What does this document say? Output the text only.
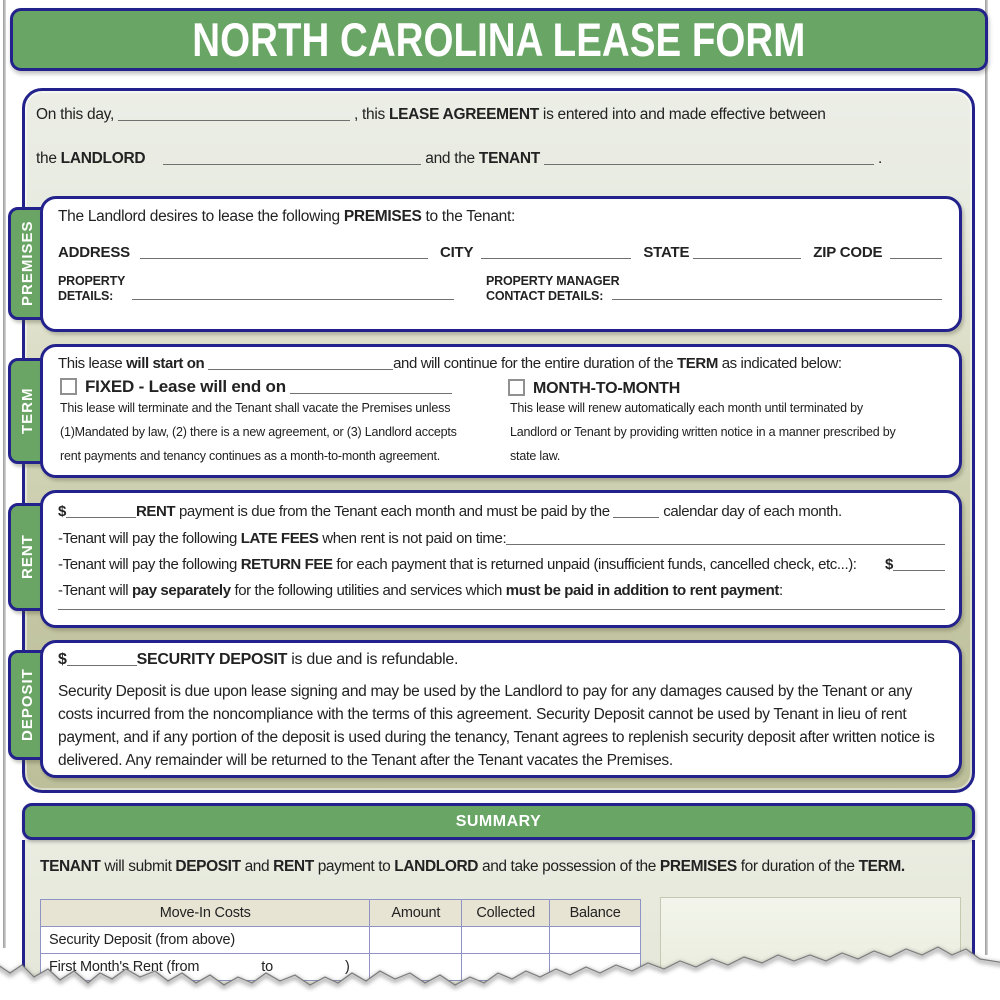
NORTH CAROLINA LEASE FORM
On this day,	, this LEASE AGREEMENT is entered into and made effective between
the LANDLORD	and the TENANT	.
PREMISES
The Landlord desires to lease the following PREMISES to the Tenant:
ADDRESS	CITY	STATE	ZIP CODE
PROPERTY
DETAILS:
PROPERTY MANAGER
CONTACT DETAILS:
TERM
This lease will start on	and will continue for the entire duration of the TERM as indicated below:
FIXED - Lease will end on	MONTH-TO-MONTH
This lease will terminate and the Tenant shall vacate the Premises unless
(1)Mandated by law, (2) there is a new agreement, or (3) Landlord accepts
rent payments and tenancy continues as a month-to-month agreement.
This lease will renew automatically each month until terminated by
Landlord or Tenant by providing written notice in a manner prescribed by
state law.
RENT
$	RENT payment is due from the Tenant each month and must be paid by the	calendar day of each month.
-Tenant will pay the following LATE FEES when rent is not paid on time:
-Tenant will pay the following RETURN FEE for each payment that is returned unpaid (insufficient funds, cancelled check, etc...): $
-Tenant will pay separately for the following utilities and services which must be paid in addition to rent payment:
DEPOSIT
$	SECURITY DEPOSIT is due and is refundable.
Security Deposit is due upon lease signing and may be used by the Landlord to pay for any damages caused by the Tenant or any costs incurred from the noncompliance with the terms of this agreement. Security Deposit cannot be used by Tenant in lieu of rent payment, and if any portion of the deposit is used during the tenancy, Tenant agrees to replenish security deposit after written notice is delivered. Any remainder will be returned to the Tenant after the Tenant vacates the Premises.
SUMMARY
TENANT will submit DEPOSIT and RENT payment to LANDLORD and take possession of the PREMISES for duration of the TERM.
Move-In Costs	Amount	Collected	Balance
Security Deposit (from above)			
First Month's Rent (from to )			
